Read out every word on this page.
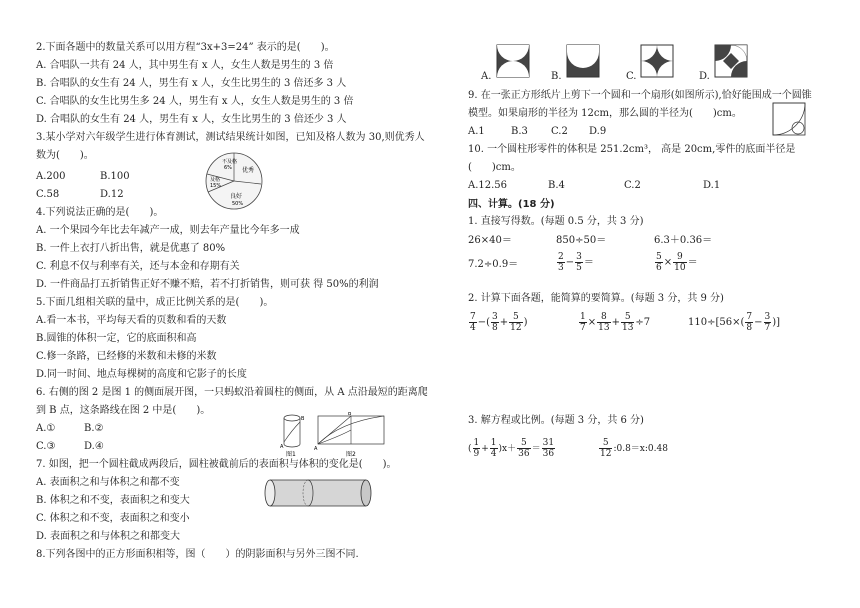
2.下面各题中的数量关系可以用方程“3x+3=24” 表示的是(　　)。
A. 合唱队一共有 24 人，其中男生有 x 人，女生人数是男生的 3 倍
B. 合唱队的女生有 24 人，男生有 x 人，女生比男生的 3 倍还多 3 人
C. 合唱队的女生比男生多 24 人，男生有 x 人，女生人数是男生的 3 倍
D. 合唱队的女生有 24 人，男生有 x 人，女生比男生的 3 倍还少 3 人
3.某小学对六年级学生进行体育测试，测试结果统计如图，已知及格人数为 30,则优秀人
数为(　　)。
A.200	B.100
C.58	D.12
不及格
6% 优秀
及格
15%
良好
50%
4.下列说法正确的是(　　)。
A. 一个果园今年比去年减产一成，则去年产量比今年多一成
B. 一件上衣打八折出售，就是优惠了 80%
C. 利息不仅与利率有关，还与本金和存期有关
D. 一件商品打五折销售正好不赚不赔，若不打折销售，则可获 得 50%的利润
5.下面几组相关联的量中，成正比例关系的是(　　)。
A.看一本书，平均每天看的页数和看的天数
B.圆锥的体积一定，它的底面积和高
C.修一条路，已经修的米数和未修的米数
D.同一时间、地点每棵树的高度和它影子的长度
6. 右侧的图 2 是图 1 的侧面展开图，一只蚂蚁沿着圆柱的侧面，从 A 点沿最短的距离爬
到 B 点，这条路线在图 2 中是(　　)。
A.①	B.②
C.③	D.④	A
B
图1
A
B
图2
7. 如图，把一个圆柱截成两段后，圆柱被截前后的表面积与体积的变化是(　　)。
A. 表面积之和与体积之和都不变
B. 体积之和不变，表面积之和变大
C. 体积之和不变，表面积之和变小
D. 表面积之和与体积之和都变大
8.下列各图中的正方形面积相等，图（　　）的阴影面积与另外三图不同.
A.	B.	C.	D.
9. 在一张正方形纸片上剪下一个圆和一个扇形(如图所示),恰好能围成一个圆锥
模型。如果扇形的半径为 12cm，那么圆的半径为(　　)cm。
A.1	B.3 C.2 D.9
10. 一个圆柱形零件的体积是 251.2cm³， 高是 20cm,零件的底面半径是
(　　)cm。
A.12.56	B.4	C.2	D.1
四、计算。(18 分)
1. 直接写得数。(每题 0.5 分，共 3 分)
26×40＝	850÷50＝	6.3＋0.36＝
7.2÷0.9＝	$\frac{2}{3} - \frac{3}{5}$ ＝	$\frac{5}{6} \times \frac{9}{10}$ ＝
2. 计算下面各题，能简算的要简算。(每题 3 分，共 9 分)
$\frac{7}{4}$ −( $\frac{3}{8} + \frac{5}{12}$ )	$\frac{1}{7} \times \frac{8}{13} + \frac{5}{13} \div 7$	$110\div[56\times( \frac{7}{8} - \frac{3}{7}$ )]
3. 解方程或比例。(每题 3 分，共 6 分)
( $\frac{1}{9} + \frac{1}{4} )x+ \frac{5}{36} = \frac{31}{36}$	$\frac{5}{12}$ :0.8＝x:0.48
